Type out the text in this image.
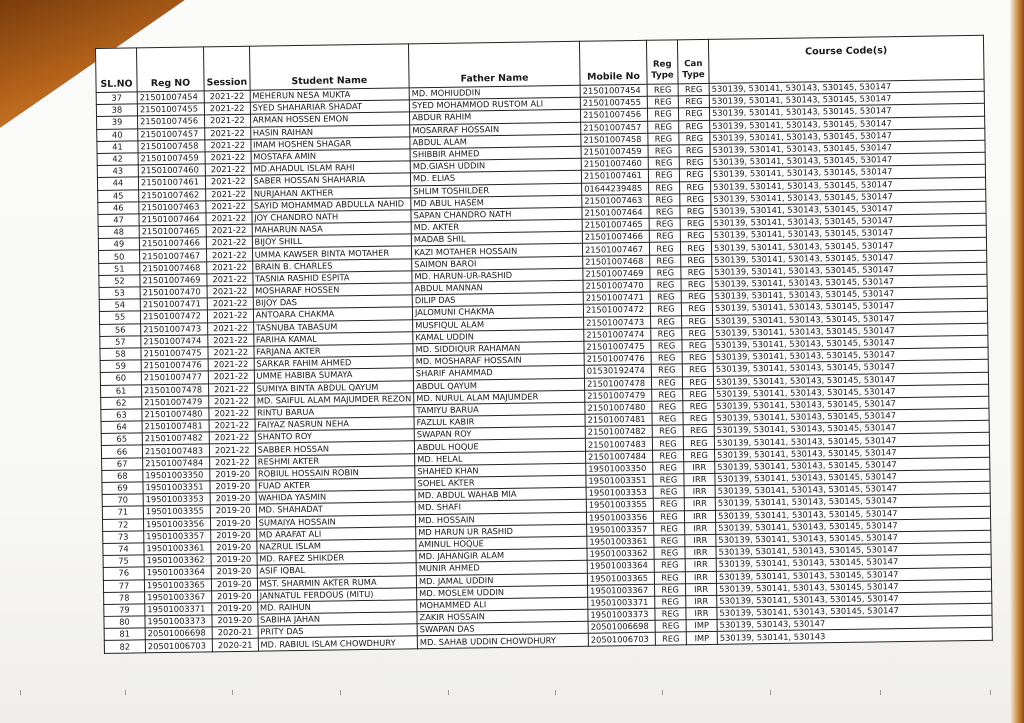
SL.NO	Reg NO	Session	Student Name	Father Name	Mobile No	Reg Type	Can Type	Course Code(s)
37	21501007454	2021-22	MEHERUN NESA MUKTA	MD. MOHIUDDIN	21501007454	REG	REG	530139, 530141, 530143, 530145, 530147
38	21501007455	2021-22	SYED SHAHARIAR SHADAT	SYED MOHAMMOD RUSTOM ALI	21501007455	REG	REG	530139, 530141, 530143, 530145, 530147
39	21501007456	2021-22	ARMAN HOSSEN EMON	ABDUR RAHIM	21501007456	REG	REG	530139, 530141, 530143, 530145, 530147
40	21501007457	2021-22	HASIN RAIHAN	MOSARRAF HOSSAIN	21501007457	REG	REG	530139, 530141, 530143, 530145, 530147
41	21501007458	2021-22	IMAM HOSHEN SHAGAR	ABDUL ALAM	21501007458	REG	REG	530139, 530141, 530143, 530145, 530147
42	21501007459	2021-22	MOSTAFA AMIN	SHIBBIR AHMED	21501007459	REG	REG	530139, 530141, 530143, 530145, 530147
43	21501007460	2021-22	MD.AHADUL ISLAM RAHI	MD.GIASH UDDIN	21501007460	REG	REG	530139, 530141, 530143, 530145, 530147
44	21501007461	2021-22	SABER HOSSAN SHAHARIA	MD. ELIAS	21501007461	REG	REG	530139, 530141, 530143, 530145, 530147
45	21501007462	2021-22	NURJAHAN AKTHER	SHLIM TOSHILDER	01644239485	REG	REG	530139, 530141, 530143, 530145, 530147
46	21501007463	2021-22	SAYID MOHAMMAD ABDULLA NAHID	MD ABUL HASEM	21501007463	REG	REG	530139, 530141, 530143, 530145, 530147
47	21501007464	2021-22	JOY CHANDRO NATH	SAPAN CHANDRO NATH	21501007464	REG	REG	530139, 530141, 530143, 530145, 530147
48	21501007465	2021-22	MAHARUN NASA	MD. AKTER	21501007465	REG	REG	530139, 530141, 530143, 530145, 530147
49	21501007466	2021-22	BIJOY SHILL	MADAB SHIL	21501007466	REG	REG	530139, 530141, 530143, 530145, 530147
50	21501007467	2021-22	UMMA KAWSER BINTA MOTAHER	KAZI MOTAHER HOSSAIN	21501007467	REG	REG	530139, 530141, 530143, 530145, 530147
51	21501007468	2021-22	BRAIN B. CHARLES	SAIMON BAROI	21501007468	REG	REG	530139, 530141, 530143, 530145, 530147
52	21501007469	2021-22	TASNIA RASHID ESPITA	MD. HARUN-UR-RASHID	21501007469	REG	REG	530139, 530141, 530143, 530145, 530147
53	21501007470	2021-22	MOSHARAF HOSSEN	ABDUL MANNAN	21501007470	REG	REG	530139, 530141, 530143, 530145, 530147
54	21501007471	2021-22	BIJOY DAS	DILIP DAS	21501007471	REG	REG	530139, 530141, 530143, 530145, 530147
55	21501007472	2021-22	ANTOARA CHAKMA	JALOMUNI CHAKMA	21501007472	REG	REG	530139, 530141, 530143, 530145, 530147
56	21501007473	2021-22	TASNUBA TABASUM	MUSFIQUL ALAM	21501007473	REG	REG	530139, 530141, 530143, 530145, 530147
57	21501007474	2021-22	FARIHA KAMAL	KAMAL UDDIN	21501007474	REG	REG	530139, 530141, 530143, 530145, 530147
58	21501007475	2021-22	FARJANA AKTER	MD. SIDDIQUR RAHAMAN	21501007475	REG	REG	530139, 530141, 530143, 530145, 530147
59	21501007476	2021-22	SARKAR FAHIM AHMED	MD. MOSHARAF HOSSAIN	21501007476	REG	REG	530139, 530141, 530143, 530145, 530147
60	21501007477	2021-22	UMME HABIBA SUMAYA	SHARIF AHAMMAD	01530192474	REG	REG	530139, 530141, 530143, 530145, 530147
61	21501007478	2021-22	SUMIYA BINTA ABDUL QAYUM	ABDUL QAYUM	21501007478	REG	REG	530139, 530141, 530143, 530145, 530147
62	21501007479	2021-22	MD. SAIFUL ALAM MAJUMDER REZON	MD. NURUL ALAM MAJUMDER	21501007479	REG	REG	530139, 530141, 530143, 530145, 530147
63	21501007480	2021-22	RINTU BARUA	TAMIYU BARUA	21501007480	REG	REG	530139, 530141, 530143, 530145, 530147
64	21501007481	2021-22	FAIYAZ NASRUN NEHA	FAZLUL KABIR	21501007481	REG	REG	530139, 530141, 530143, 530145, 530147
65	21501007482	2021-22	SHANTO ROY	SWAPAN ROY	21501007482	REG	REG	530139, 530141, 530143, 530145, 530147
66	21501007483	2021-22	SABBER HOSSAN	ABDUL HOQUE	21501007483	REG	REG	530139, 530141, 530143, 530145, 530147
67	21501007484	2021-22	RESHMI AKTER	MD. HELAL	21501007484	REG	REG	530139, 530141, 530143, 530145, 530147
68	19501003350	2019-20	ROBIUL HOSSAIN ROBIN	SHAHED KHAN	19501003350	REG	IRR	530139, 530141, 530143, 530145, 530147
69	19501003351	2019-20	FUAD AKTER	SOHEL AKTER	19501003351	REG	IRR	530139, 530141, 530143, 530145, 530147
70	19501003353	2019-20	WAHIDA YASMIN	MD. ABDUL WAHAB MIA	19501003353	REG	IRR	530139, 530141, 530143, 530145, 530147
71	19501003355	2019-20	MD. SHAHADAT	MD. SHAFI	19501003355	REG	IRR	530139, 530141, 530143, 530145, 530147
72	19501003356	2019-20	SUMAIYA HOSSAIN	MD. HOSSAIN	19501003356	REG	IRR	530139, 530141, 530143, 530145, 530147
73	19501003357	2019-20	MD ARAFAT ALI	MD HARUN UR RASHID	19501003357	REG	IRR	530139, 530141, 530143, 530145, 530147
74	19501003361	2019-20	NAZRUL ISLAM	AMINUL HOQUE	19501003361	REG	IRR	530139, 530141, 530143, 530145, 530147
75	19501003362	2019-20	MD. RAFEZ SHIKDER	MD. JAHANGIR ALAM	19501003362	REG	IRR	530139, 530141, 530143, 530145, 530147
76	19501003364	2019-20	ASIF IQBAL	MUNIR AHMED	19501003364	REG	IRR	530139, 530141, 530143, 530145, 530147
77	19501003365	2019-20	MST. SHARMIN AKTER RUMA	MD. JAMAL UDDIN	19501003365	REG	IRR	530139, 530141, 530143, 530145, 530147
78	19501003367	2019-20	JANNATUL FERDOUS (MITU)	MD. MOSLEM UDDIN	19501003367	REG	IRR	530139, 530141, 530143, 530145, 530147
79	19501003371	2019-20	MD. RAIHUN	MOHAMMED ALI	19501003371	REG	IRR	530139, 530141, 530143, 530145, 530147
80	19501003373	2019-20	SABIHA JAHAN	ZAKIR HOSSAIN	19501003373	REG	IRR	530139, 530141, 530143, 530145, 530147
81	20501006698	2020-21	PRITY DAS	SWAPAN DAS	20501006698	REG	IMP	530139, 530143, 530147
82	20501006703	2020-21	MD. RABIUL ISLAM CHOWDHURY	MD. SAHAB UDDIN CHOWDHURY	20501006703	REG	IMP	530139, 530141, 530143
